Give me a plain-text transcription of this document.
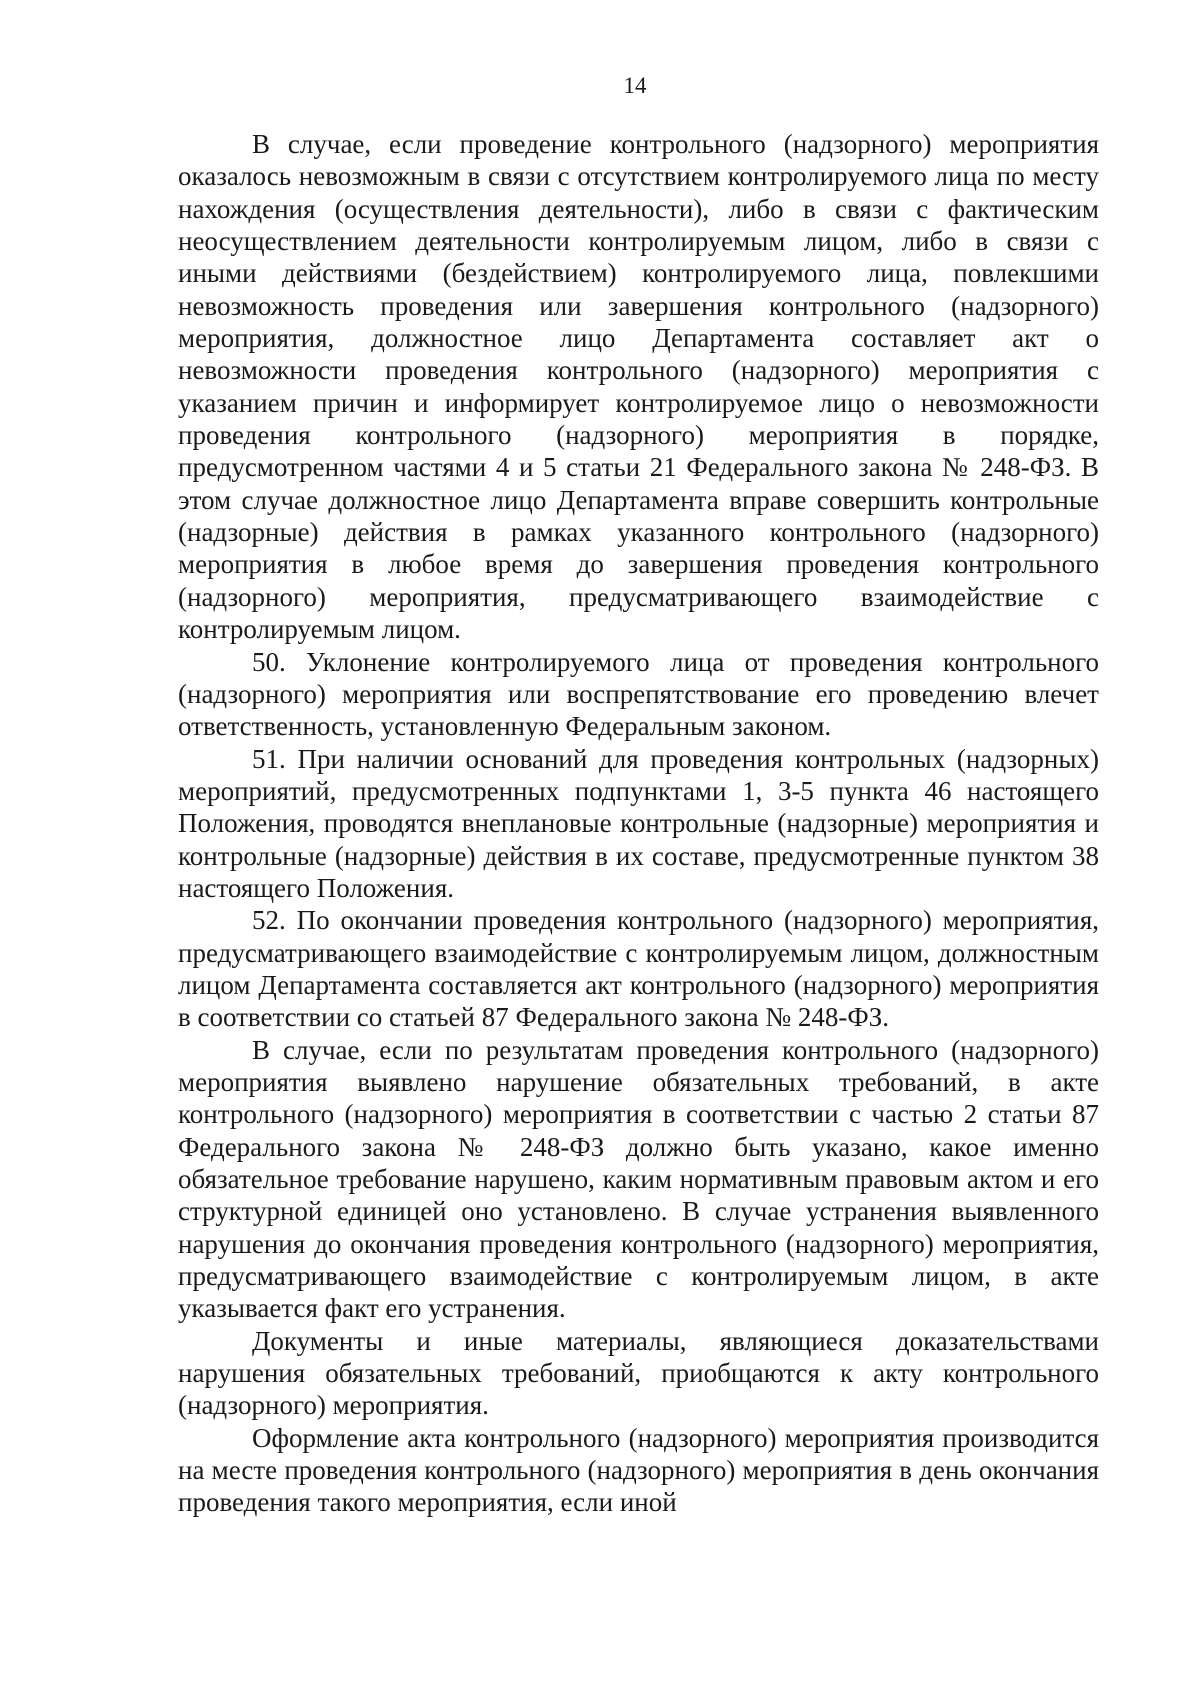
14

В случае, если проведение контрольного (надзорного) мероприятия оказалось невозможным в связи с отсутствием контролируемого лица по месту нахождения (осуществления деятельности), либо в связи с фактическим неосуществлением деятельности контролируемым лицом, либо в связи с иными действиями (бездействием) контролируемого лица, повлекшими невозможность проведения или завершения контрольного (надзорного) мероприятия, должностное лицо Департамента составляет акт о невозможности проведения контрольного (надзорного) мероприятия с указанием причин и информирует контролируемое лицо о невозможности проведения контрольного (надзорного) мероприятия в порядке, предусмотренном частями 4 и 5 статьи 21 Федерального закона № 248-ФЗ. В этом случае должностное лицо Департамента вправе совершить контрольные (надзорные) действия в рамках указанного контрольного (надзорного) мероприятия в любое время до завершения проведения контрольного (надзорного) мероприятия, предусматривающего взаимодействие с контролируемым лицом.

50. Уклонение контролируемого лица от проведения контрольного (надзорного) мероприятия или воспрепятствование его проведению влечет ответственность, установленную Федеральным законом.

51. При наличии оснований для проведения контрольных (надзорных) мероприятий, предусмотренных подпунктами 1, 3-5 пункта 46 настоящего Положения, проводятся внеплановые контрольные (надзорные) мероприятия и контрольные (надзорные) действия в их составе, предусмотренные пунктом 38 настоящего Положения.

52. По окончании проведения контрольного (надзорного) мероприятия, предусматривающего взаимодействие с контролируемым лицом, должностным лицом Департамента составляется акт контрольного (надзорного) мероприятия в соответствии со статьей 87 Федерального закона № 248-ФЗ.

В случае, если по результатам проведения контрольного (надзорного) мероприятия выявлено нарушение обязательных требований, в акте контрольного (надзорного) мероприятия в соответствии с частью 2 статьи 87 Федерального закона № 248-ФЗ должно быть указано, какое именно обязательное требование нарушено, каким нормативным правовым актом и его структурной единицей оно установлено. В случае устранения выявленного нарушения до окончания проведения контрольного (надзорного) мероприятия, предусматривающего взаимодействие с контролируемым лицом, в акте указывается факт его устранения.

Документы и иные материалы, являющиеся доказательствами нарушения обязательных требований, приобщаются к акту контрольного (надзорного) мероприятия.

Оформление акта контрольного (надзорного) мероприятия производится на месте проведения контрольного (надзорного) мероприятия в день окончания проведения такого мероприятия, если иной
